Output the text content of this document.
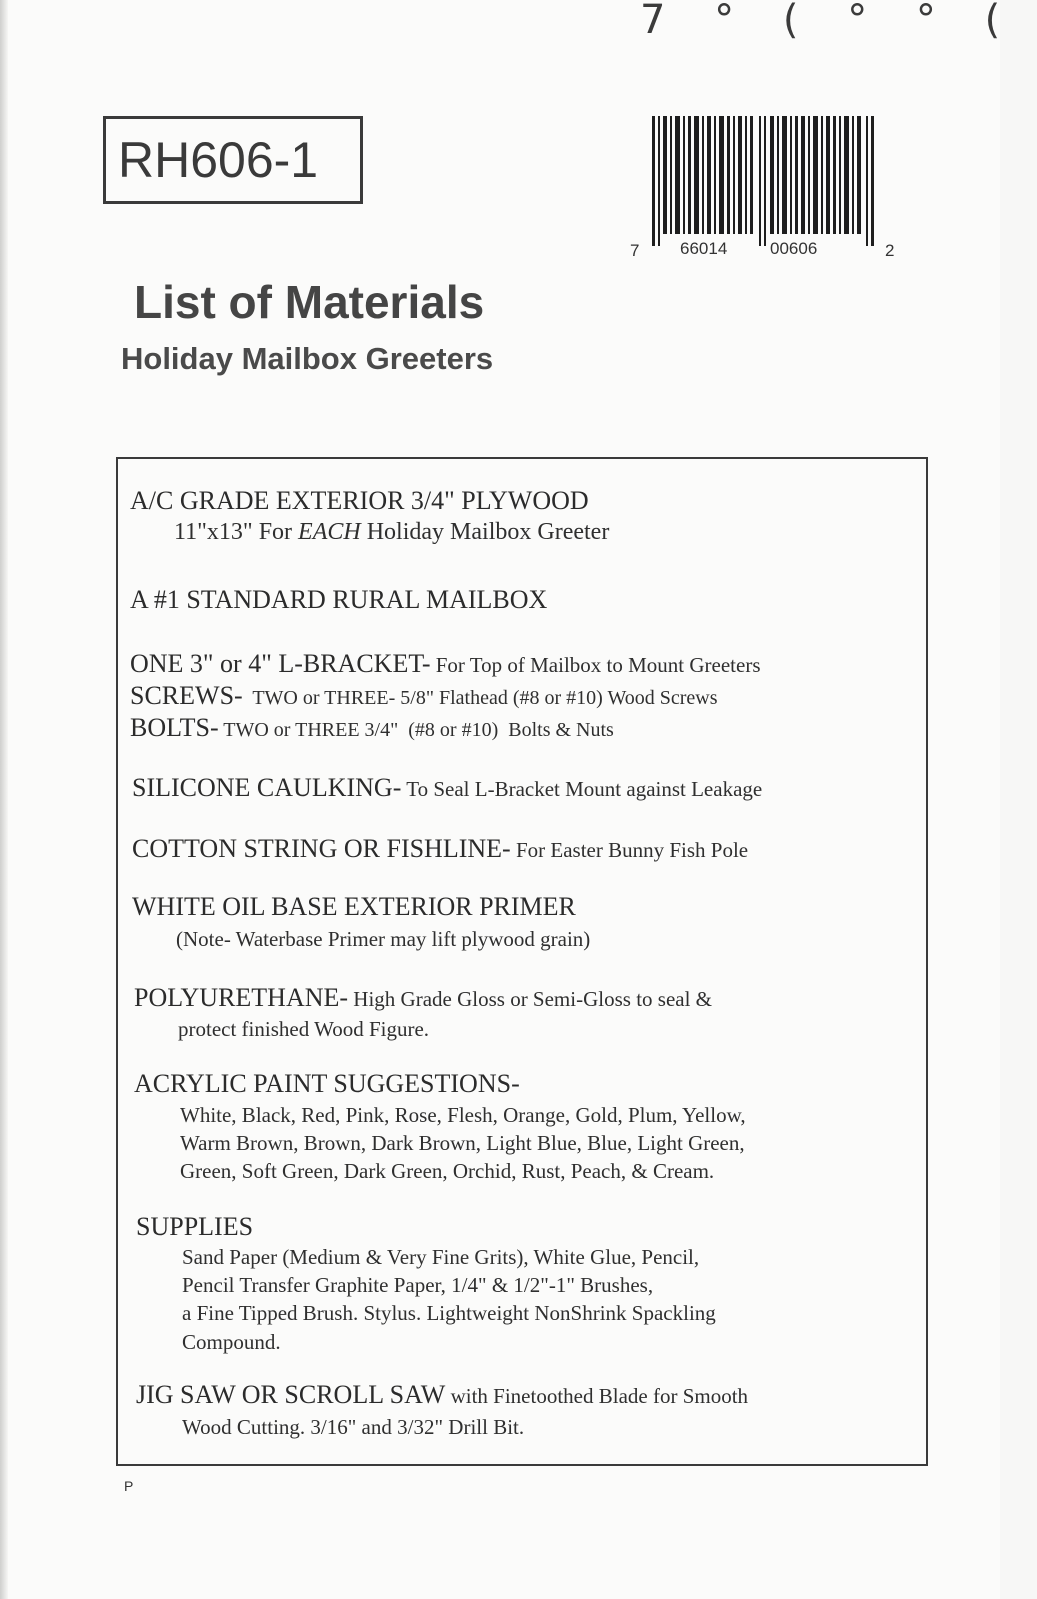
7 ° ( ° ° (
RH606-1
7 66014	00606	2
List of Materials
Holiday Mailbox Greeters
A/C GRADE EXTERIOR 3/4" PLYWOOD
11"x13" For EACH Holiday Mailbox Greeter
A #1 STANDARD RURAL MAILBOX
ONE 3" or 4" L-BRACKET- For Top of Mailbox to Mount Greeters
SCREWS-  TWO or THREE- 5/8" Flathead (#8 or #10) Wood Screws
BOLTS- TWO or THREE 3/4"  (#8 or #10)  Bolts & Nuts
SILICONE CAULKING- To Seal L-Bracket Mount against Leakage
COTTON STRING OR FISHLINE- For Easter Bunny Fish Pole
WHITE OIL BASE EXTERIOR PRIMER
(Note- Waterbase Primer may lift plywood grain)
POLYURETHANE- High Grade Gloss or Semi-Gloss to seal &
protect finished Wood Figure.
ACRYLIC PAINT SUGGESTIONS-
White, Black, Red, Pink, Rose, Flesh, Orange, Gold, Plum, Yellow,
Warm Brown, Brown, Dark Brown, Light Blue, Blue, Light Green,
Green, Soft Green, Dark Green, Orchid, Rust, Peach, & Cream.
SUPPLIES
Sand Paper (Medium & Very Fine Grits), White Glue, Pencil,
Pencil Transfer Graphite Paper, 1/4" & 1/2"-1" Brushes,
a Fine Tipped Brush. Stylus. Lightweight NonShrink Spackling
Compound.
JIG SAW OR SCROLL SAW with Finetoothed Blade for Smooth
Wood Cutting. 3/16" and 3/32" Drill Bit.
P
